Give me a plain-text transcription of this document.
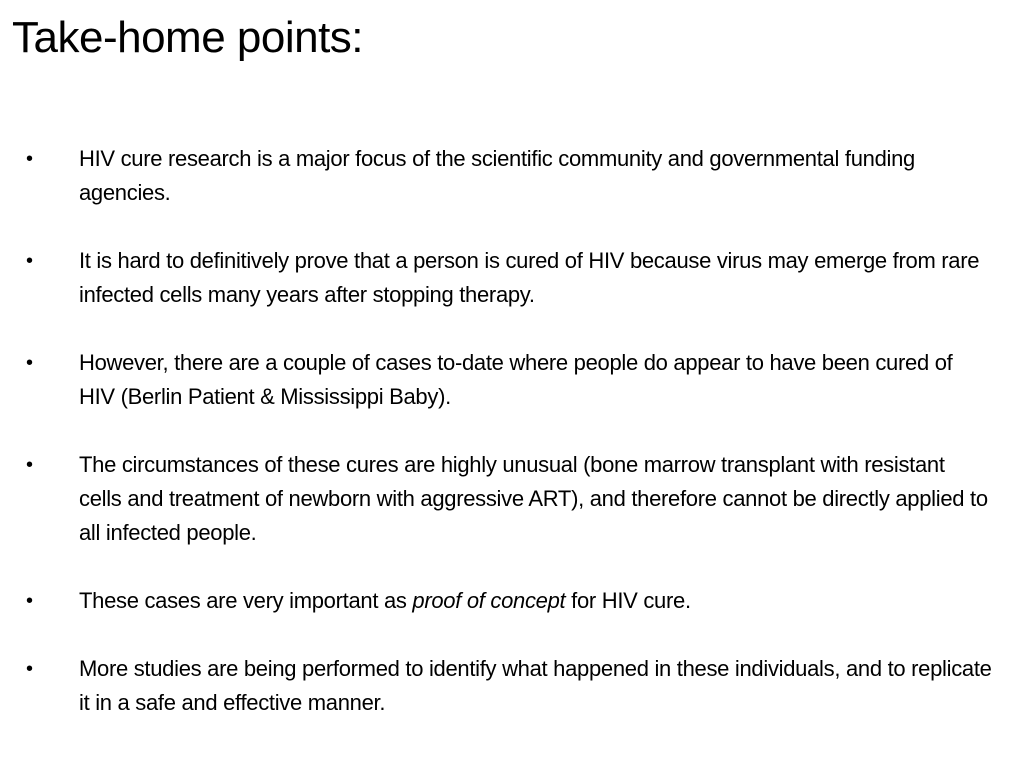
Take-home points:
• HIV cure research is a major focus of the scientific community and governmental funding agencies.
• It is hard to definitively prove that a person is cured of HIV because virus may emerge from rare infected cells many years after stopping therapy.
• However, there are a couple of cases to-date where people do appear to have been cured of HIV (Berlin Patient & Mississippi Baby).
• The circumstances of these cures are highly unusual (bone marrow transplant with resistant cells and treatment of newborn with aggressive ART), and therefore cannot be directly applied to all infected people.
• These cases are very important as proof of concept for HIV cure.
• More studies are being performed to identify what happened in these individuals, and to replicate it in a safe and effective manner.
